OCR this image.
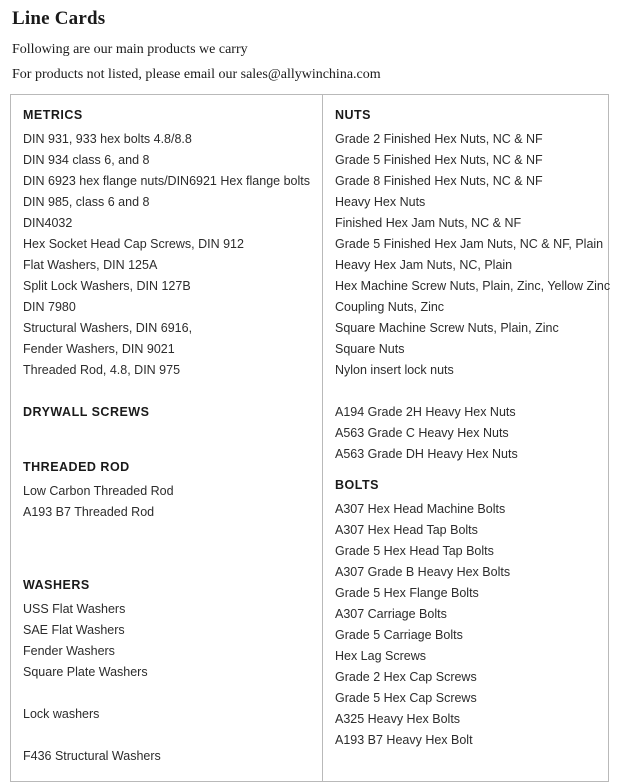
Line Cards
Following are our main products we carry
For products not listed, please email our sales@allywinchina.com
METRICS
DIN 931, 933 hex bolts 4.8/8.8
DIN 934 class 6, and 8
DIN 6923 hex flange nuts/DIN6921 Hex flange bolts
DIN 985, class 6 and 8
DIN4032
Hex Socket Head Cap Screws, DIN 912
Flat Washers, DIN 125A
Split Lock Washers, DIN 127B
DIN 7980
Structural Washers, DIN 6916,
Fender Washers, DIN 9021
Threaded Rod, 4.8, DIN 975
DRYWALL SCREWS
THREADED ROD
Low Carbon Threaded Rod
A193 B7 Threaded Rod
WASHERS
USS Flat Washers
SAE Flat Washers
Fender Washers
Square Plate Washers
Lock washers
F436 Structural Washers
NUTS
Grade 2 Finished Hex Nuts, NC & NF
Grade 5 Finished Hex Nuts, NC & NF
Grade 8 Finished Hex Nuts, NC & NF
Heavy Hex Nuts
Finished Hex Jam Nuts, NC & NF
Grade 5 Finished Hex Jam Nuts, NC & NF, Plain
Heavy Hex Jam Nuts, NC, Plain
Hex Machine Screw Nuts, Plain, Zinc, Yellow Zinc
Coupling Nuts, Zinc
Square Machine Screw Nuts, Plain, Zinc
Square Nuts
Nylon insert lock nuts
A194 Grade 2H Heavy Hex Nuts
A563 Grade C Heavy Hex Nuts
A563 Grade DH Heavy Hex Nuts
BOLTS
A307 Hex Head Machine Bolts
A307 Hex Head Tap Bolts
Grade 5 Hex Head Tap Bolts
A307 Grade B Heavy Hex Bolts
Grade 5 Hex Flange Bolts
A307 Carriage Bolts
Grade 5 Carriage Bolts
Hex Lag Screws
Grade 2 Hex Cap Screws
Grade 5 Hex Cap Screws
A325 Heavy Hex Bolts
A193 B7 Heavy Hex Bolt
